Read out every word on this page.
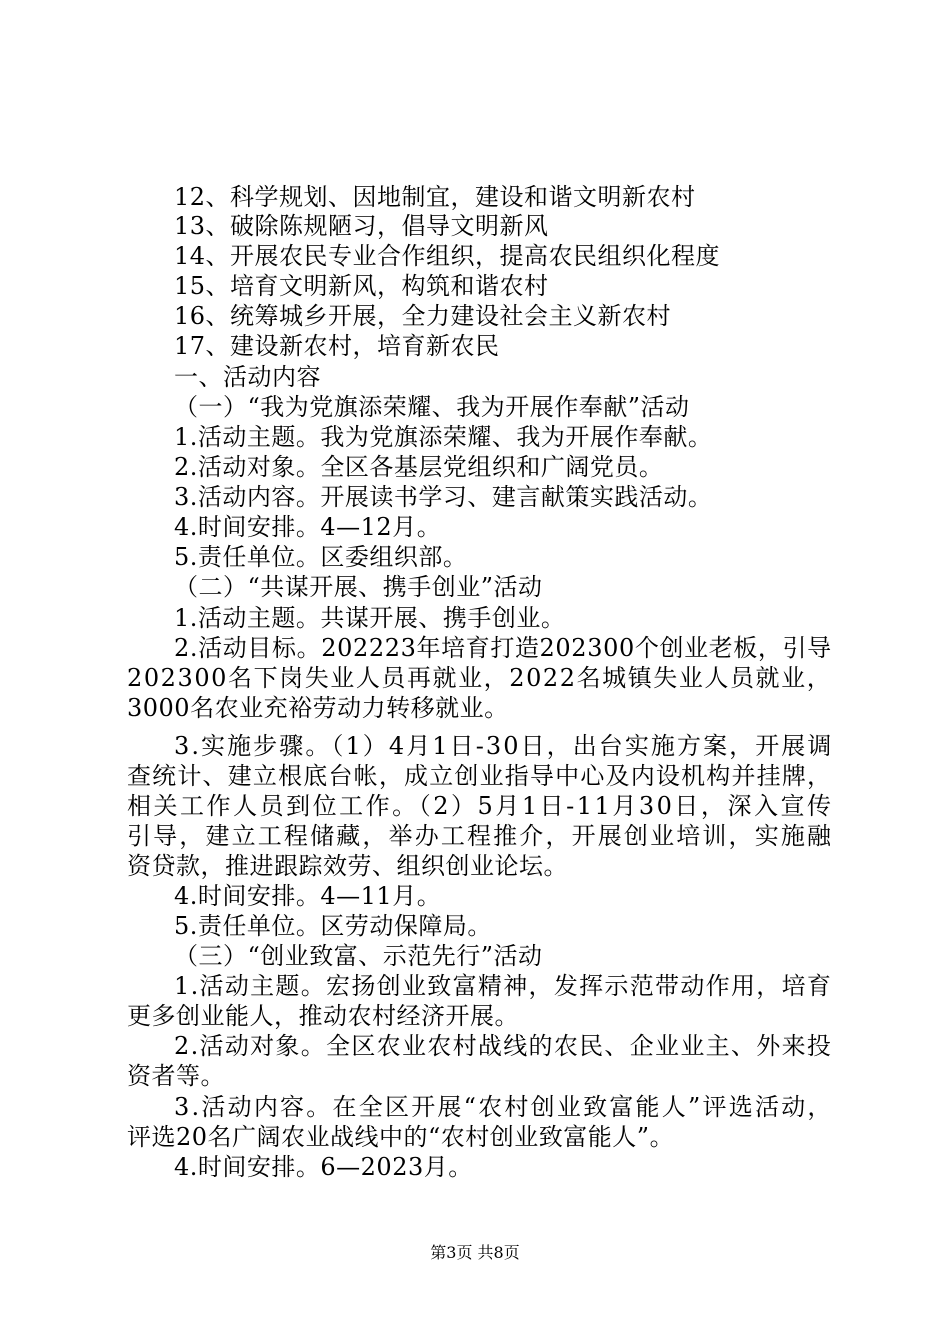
12、科学规划、因地制宜，建设和谐文明新农村
13、破除陈规陋习，倡导文明新风
14、开展农民专业合作组织，提高农民组织化程度
15、培育文明新风，构筑和谐农村
16、统筹城乡开展，全力建设社会主义新农村
17、建设新农村，培育新农民
一、活动内容
（一）“我为党旗添荣耀、我为开展作奉献”活动
1.活动主题。我为党旗添荣耀、我为开展作奉献。
2.活动对象。全区各基层党组织和广阔党员。
3.活动内容。开展读书学习、建言献策实践活动。
4.时间安排。4—12月。
5.责任单位。区委组织部。
（二）“共谋开展、携手创业”活动
1.活动主题。共谋开展、携手创业。
2.活动目标。202223年培育打造202300个创业老板，引导
202300名下岗失业人员再就业，2022名城镇失业人员就业，
3000名农业充裕劳动力转移就业。
3.实施步骤。（1）4月1日-30日，出台实施方案，开展调
查统计、建立根底台帐，成立创业指导中心及内设机构并挂牌，
相关工作人员到位工作。（2）5月1日-11月30日，深入宣传
引导，建立工程储藏，举办工程推介，开展创业培训，实施融
资贷款，推进跟踪效劳、组织创业论坛。
4.时间安排。4—11月。
5.责任单位。区劳动保障局。
（三）“创业致富、示范先行”活动
1.活动主题。宏扬创业致富精神，发挥示范带动作用，培育
更多创业能人，推动农村经济开展。
2.活动对象。全区农业农村战线的农民、企业业主、外来投
资者等。
3.活动内容。在全区开展“农村创业致富能人”评选活动，
评选20名广阔农业战线中的“农村创业致富能人”。
4.时间安排。6—2023月。
第3页 共8页
